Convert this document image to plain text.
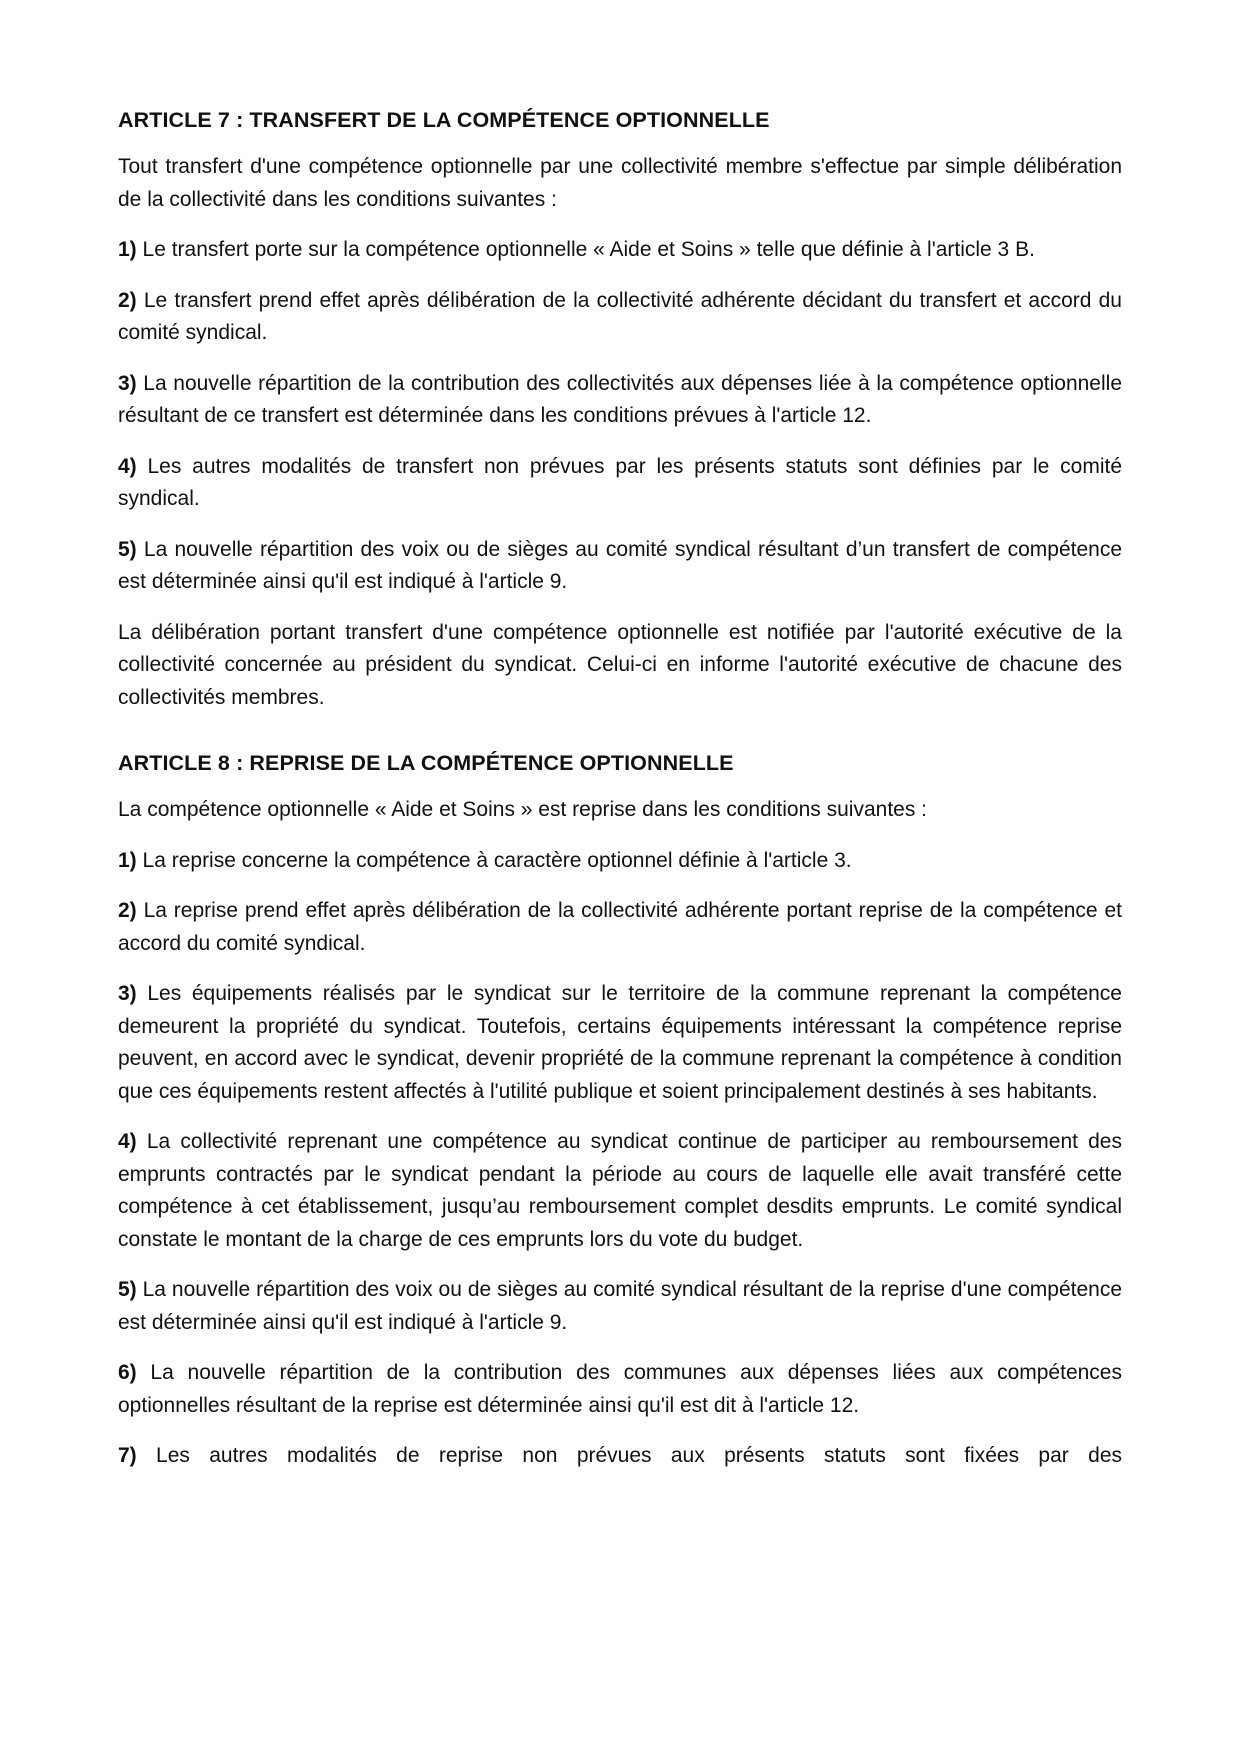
ARTICLE 7 : TRANSFERT DE LA COMPÉTENCE OPTIONNELLE

Tout transfert d'une compétence optionnelle par une collectivité membre s'effectue par simple délibération de la collectivité dans les conditions suivantes :

1) Le transfert porte sur la compétence optionnelle « Aide et Soins » telle que définie à l'article 3 B.

2) Le transfert prend effet après délibération de la collectivité adhérente décidant du transfert et accord du comité syndical.

3) La nouvelle répartition de la contribution des collectivités aux dépenses liée à la compétence optionnelle résultant de ce transfert est déterminée dans les conditions prévues à l'article 12.

4) Les autres modalités de transfert non prévues par les présents statuts sont définies par le comité syndical.

5) La nouvelle répartition des voix ou de sièges au comité syndical résultant d’un transfert de compétence est déterminée ainsi qu'il est indiqué à l'article 9.

La délibération portant transfert d'une compétence optionnelle est notifiée par l'autorité exécutive de la collectivité concernée au président du syndicat. Celui-ci en informe l'autorité exécutive de chacune des collectivités membres.

ARTICLE 8 : REPRISE DE LA COMPÉTENCE OPTIONNELLE

La compétence optionnelle « Aide et Soins » est reprise dans les conditions suivantes :

1) La reprise concerne la compétence à caractère optionnel définie à l'article 3.

2) La reprise prend effet après délibération de la collectivité adhérente portant reprise de la compétence et accord du comité syndical.

3) Les équipements réalisés par le syndicat sur le territoire de la commune reprenant la compétence demeurent la propriété du syndicat. Toutefois, certains équipements intéressant la compétence reprise peuvent, en accord avec le syndicat, devenir propriété de la commune reprenant la compétence à condition que ces équipements restent affectés à l'utilité publique et soient principalement destinés à ses habitants.

4) La collectivité reprenant une compétence au syndicat continue de participer au remboursement des emprunts contractés par le syndicat pendant la période au cours de laquelle elle avait transféré cette compétence à cet établissement, jusqu’au remboursement complet desdits emprunts. Le comité syndical constate le montant de la charge de ces emprunts lors du vote du budget.

5) La nouvelle répartition des voix ou de sièges au comité syndical résultant de la reprise d'une compétence est déterminée ainsi qu'il est indiqué à l'article 9.

6) La nouvelle répartition de la contribution des communes aux dépenses liées aux compétences optionnelles résultant de la reprise est déterminée ainsi qu'il est dit à l'article 12.

7) Les autres modalités de reprise non prévues aux présents statuts sont fixées par des
